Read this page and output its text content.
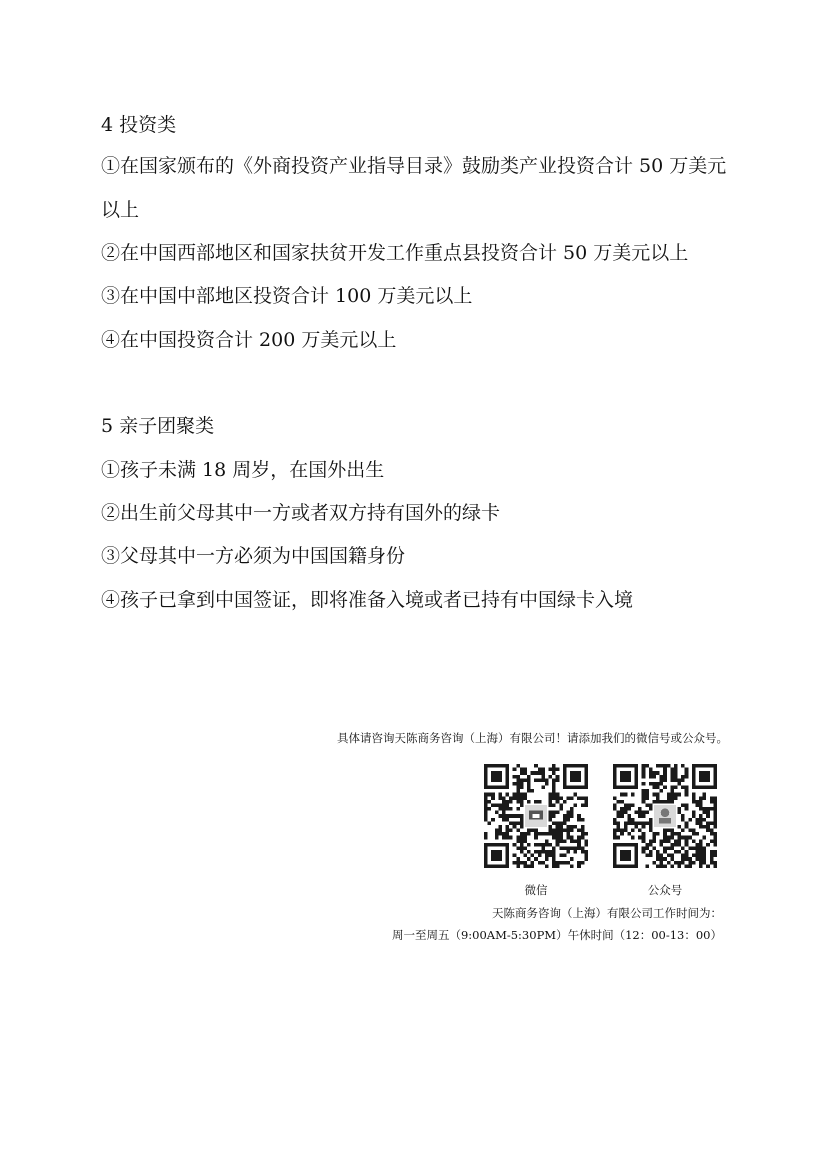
4 投资类

①在国家颁布的《外商投资产业指导目录》鼓励类产业投资合计 50 万美元

以上

②在中国西部地区和国家扶贫开发工作重点县投资合计 50 万美元以上

③在中国中部地区投资合计 100 万美元以上

④在中国投资合计 200 万美元以上

5 亲子团聚类

①孩子未满 18 周岁，在国外出生

②出生前父母其中一方或者双方持有国外的绿卡

③父母其中一方必须为中国国籍身份

④孩子已拿到中国签证，即将准备入境或者已持有中国绿卡入境

具体请咨询天陈商务咨询（上海）有限公司！请添加我们的微信号或公众号。
微信	公众号
天陈商务咨询（上海）有限公司工作时间为：
周一至周五（9:00AM-5:30PM）午休时间（12：00-13：00）
